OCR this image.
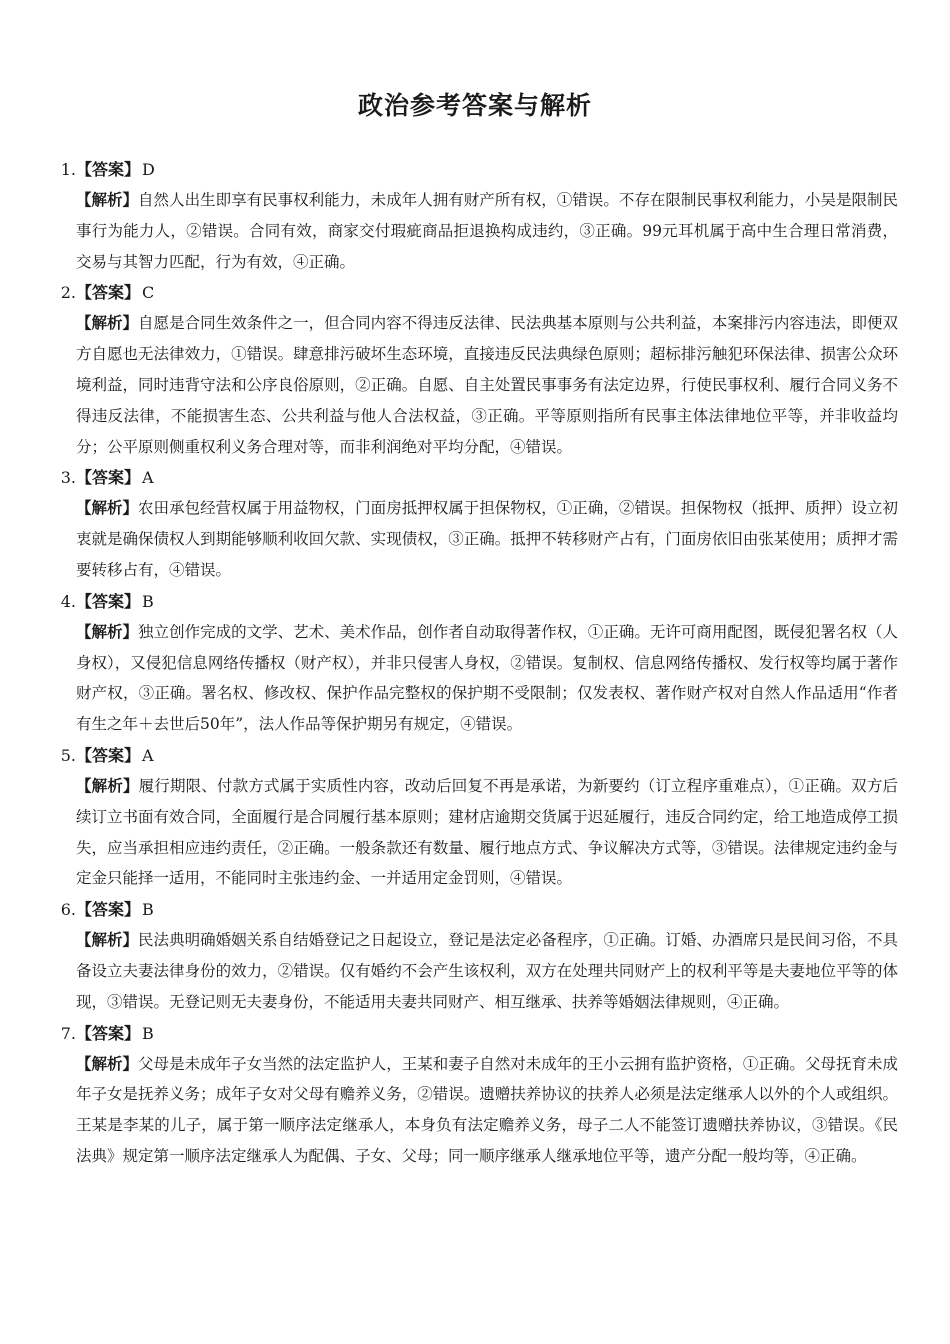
政治参考答案与解析
1. 【答案】 D
【解析】自然人出生即享有民事权利能力，未成年人拥有财产所有权，①错误。不存在限制民事权利能力，小吴是限制民事行为能力人，②错误。合同有效，商家交付瑕疵商品拒退换构成违约，③正确。99元耳机属于高中生合理日常消费，交易与其智力匹配，行为有效，④正确。
2. 【答案】 C
【解析】自愿是合同生效条件之一，但合同内容不得违反法律、民法典基本原则与公共利益，本案排污内容违法，即便双方自愿也无法律效力，①错误。肆意排污破坏生态环境，直接违反民法典绿色原则；超标排污触犯环保法律、损害公众环境利益，同时违背守法和公序良俗原则，②正确。自愿、自主处置民事事务有法定边界，行使民事权利、履行合同义务不得违反法律，不能损害生态、公共利益与他人合法权益，③正确。平等原则指所有民事主体法律地位平等，并非收益均分；公平原则侧重权利义务合理对等，而非利润绝对平均分配，④错误。
3. 【答案】 A
【解析】农田承包经营权属于用益物权，门面房抵押权属于担保物权，①正确，②错误。担保物权（抵押、质押）设立初衷就是确保债权人到期能够顺利收回欠款、实现债权，③正确。抵押不转移财产占有，门面房依旧由张某使用；质押才需要转移占有，④错误。
4. 【答案】 B
【解析】独立创作完成的文学、艺术、美术作品，创作者自动取得著作权，①正确。无许可商用配图，既侵犯署名权（人身权），又侵犯信息网络传播权（财产权），并非只侵害人身权，②错误。复制权、信息网络传播权、发行权等均属于著作财产权，③正确。署名权、修改权、保护作品完整权的保护期不受限制；仅发表权、著作财产权对自然人作品适用“作者有生之年＋去世后50年”，法人作品等保护期另有规定，④错误。
5. 【答案】 A
【解析】履行期限、付款方式属于实质性内容，改动后回复不再是承诺，为新要约（订立程序重难点），①正确。双方后续订立书面有效合同，全面履行是合同履行基本原则；建材店逾期交货属于迟延履行，违反合同约定，给工地造成停工损失，应当承担相应违约责任，②正确。一般条款还有数量、履行地点方式、争议解决方式等，③错误。法律规定违约金与定金只能择一适用，不能同时主张违约金、一并适用定金罚则，④错误。
6. 【答案】 B
【解析】民法典明确婚姻关系自结婚登记之日起设立，登记是法定必备程序，①正确。订婚、办酒席只是民间习俗，不具备设立夫妻法律身份的效力，②错误。仅有婚约不会产生该权利，双方在处理共同财产上的权利平等是夫妻地位平等的体现，③错误。无登记则无夫妻身份，不能适用夫妻共同财产、相互继承、扶养等婚姻法律规则，④正确。
7. 【答案】 B
【解析】父母是未成年子女当然的法定监护人，王某和妻子自然对未成年的王小云拥有监护资格，①正确。父母抚育未成年子女是抚养义务；成年子女对父母有赡养义务，②错误。遗赠扶养协议的扶养人必须是法定继承人以外的个人或组织。王某是李某的儿子，属于第一顺序法定继承人，本身负有法定赡养义务，母子二人不能签订遗赠扶养协议，③错误。《民法典》规定第一顺序法定继承人为配偶、子女、父母；同一顺序继承人继承地位平等，遗产分配一般均等，④正确。
